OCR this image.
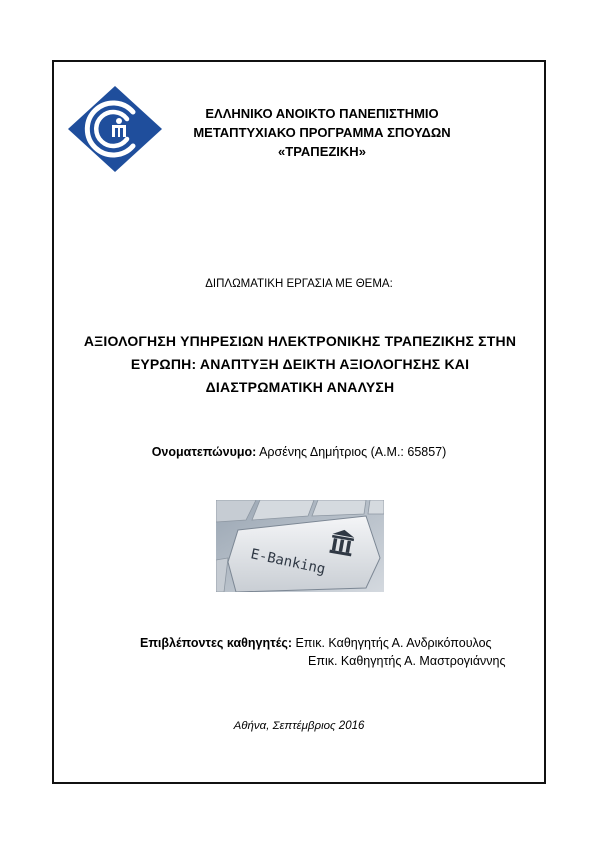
ΕΛΛΗΝΙΚΟ ΑΝΟΙΚΤΟ ΠΑΝΕΠΙΣΤΗΜΙΟ
ΜΕΤΑΠΤΥΧΙΑΚΟ ΠΡΟΓΡΑΜΜΑ ΣΠΟΥΔΩΝ
«ΤΡΑΠΕΖΙΚΗ»
ΔΙΠΛΩΜΑΤΙΚΗ ΕΡΓΑΣΙΑ ΜΕ ΘΕΜΑ:
ΑΞΙΟΛΟΓΗΣΗ ΥΠΗΡΕΣΙΩΝ ΗΛΕΚΤΡΟΝΙΚΗΣ ΤΡΑΠΕΖΙΚΗΣ ΣΤΗΝ
ΕΥΡΩΠΗ: ΑΝΑΠΤΥΞΗ ΔΕΙΚΤΗ ΑΞΙΟΛΟΓΗΣΗΣ ΚΑΙ
ΔΙΑΣΤΡΩΜΑΤΙΚΗ ΑΝΑΛΥΣΗ
Ονοματεπώνυμο: Αρσένης Δημήτριος (Α.Μ.: 65857)
E-Banking
Επιβλέποντες καθηγητές: Επικ. Καθηγητής Α. Ανδρικόπουλος
Επικ. Καθηγητής Α. Μαστρογιάννης
Αθήνα, Σεπτέμβριος 2016
